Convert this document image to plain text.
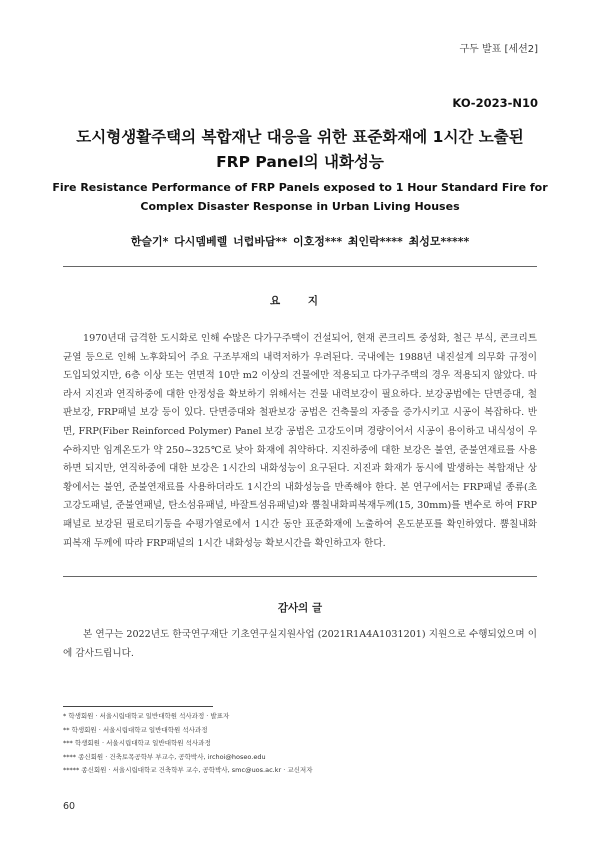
구두 발표 [세션2]
KO-2023-N10
도시형생활주택의 복합재난 대응을 위한 표준화재에 1시간 노출된
FRP Panel의 내화성능
Fire Resistance Performance of FRP Panels exposed to 1 Hour Standard Fire for
Complex Disaster Response in Urban Living Houses
한슬기* 다시뎀베렐 너럽바담** 이호정*** 최인락**** 최성모*****
요 지

1970년대 급격한 도시화로 인해 수많은 다가구주택이 건설되어, 현재 콘크리트 중성화, 철근 부식, 콘크리트 균열 등으로 인해 노후화되어 주요 구조부재의 내력저하가 우려된다. 국내에는 1988년 내진설계 의무화 규정이 도입되었지만, 6층 이상 또는 연면적 10만 m2 이상의 건물에만 적용되고 다가구주택의 경우 적용되지 않았다. 따라서 지진과 연직하중에 대한 안정성을 확보하기 위해서는 건물 내력보강이 필요하다. 보강공법에는 단면증대, 철판보강, FRP패널 보강 등이 있다. 단면증대와 철판보강 공법은 건축물의 자중을 증가시키고 시공이 복잡하다. 반면, FRP(Fiber Reinforced Polymer) Panel 보강 공법은 고강도이며 경량이어서 시공이 용이하고 내식성이 우수하지만 임계온도가 약 250~325℃로 낮아 화재에 취약하다. 지진하중에 대한 보강은 불연, 준불연재료를 사용하면 되지만, 연직하중에 대한 보강은 1시간의 내화성능이 요구된다. 지진과 화재가 동시에 발생하는 복합재난 상황에서는 불연, 준불연재료를 사용하더라도 1시간의 내화성능을 만족해야 한다. 본 연구에서는 FRP패널 종류(초고강도패널, 준불연패널, 탄소섬유패널, 바잘트섬유패널)와 뿜칠내화피복재두께(15, 30mm)를 변수로 하여 FRP패널로 보강된 필로티기둥을 수평가열로에서 1시간 동안 표준화재에 노출하여 온도분포를 확인하였다. 뿜칠내화피복재 두께에 따라 FRP패널의 1시간 내화성능 확보시간을 확인하고자 한다.

감사의 글

본 연구는 2022년도 한국연구재단 기초연구실지원사업 (2021R1A4A1031201) 지원으로 수행되었으며 이에 감사드립니다.

* 학생회원 · 서울시립대학교 일반대학원 석사과정 · 발표자
** 학생회원 · 서울시립대학교 일반대학원 석사과정
*** 학생회원 · 서울시립대학교 일반대학원 석사과정
**** 종신회원 · 건축토목공학부 부교수, 공학박사, irchoi@hoseo.edu
***** 종신회원 · 서울시립대학교 건축학부 교수, 공학박사, smc@uos.ac.kr · 교신저자
60
